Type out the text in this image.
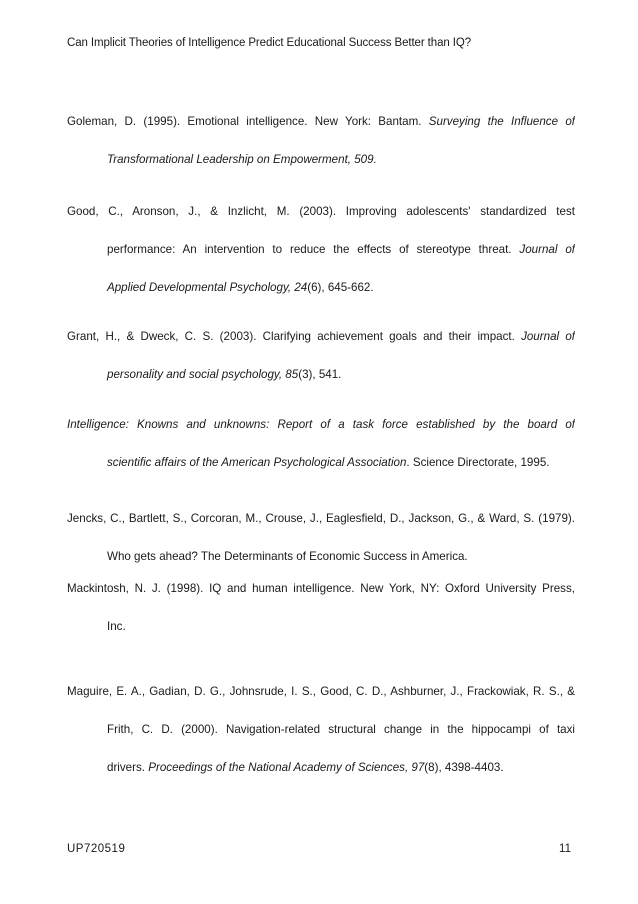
Can Implicit Theories of Intelligence Predict Educational Success Better than IQ?
Goleman, D. (1995). Emotional intelligence. New York: Bantam. Surveying the Influence of
Transformational Leadership on Empowerment, 509.
Good, C., Aronson, J., & Inzlicht, M. (2003). Improving adolescents' standardized test
performance: An intervention to reduce the effects of stereotype threat. Journal of
Applied Developmental Psychology, 24(6), 645-662.
Grant, H., & Dweck, C. S. (2003). Clarifying achievement goals and their impact. Journal of
personality and social psychology, 85(3), 541.
Intelligence: Knowns and unknowns: Report of a task force established by the board of
scientific affairs of the American Psychological Association. Science Directorate, 1995.
Jencks, C., Bartlett, S., Corcoran, M., Crouse, J., Eaglesfield, D., Jackson, G., & Ward, S. (1979).
Who gets ahead? The Determinants of Economic Success in America.
Mackintosh, N. J. (1998). IQ and human intelligence. New York, NY: Oxford University Press,
Inc.
Maguire, E. A., Gadian, D. G., Johnsrude, I. S., Good, C. D., Ashburner, J., Frackowiak, R. S., &
Frith, C. D. (2000). Navigation-related structural change in the hippocampi of taxi
drivers. Proceedings of the National Academy of Sciences, 97(8), 4398-4403.
UP720519	11
